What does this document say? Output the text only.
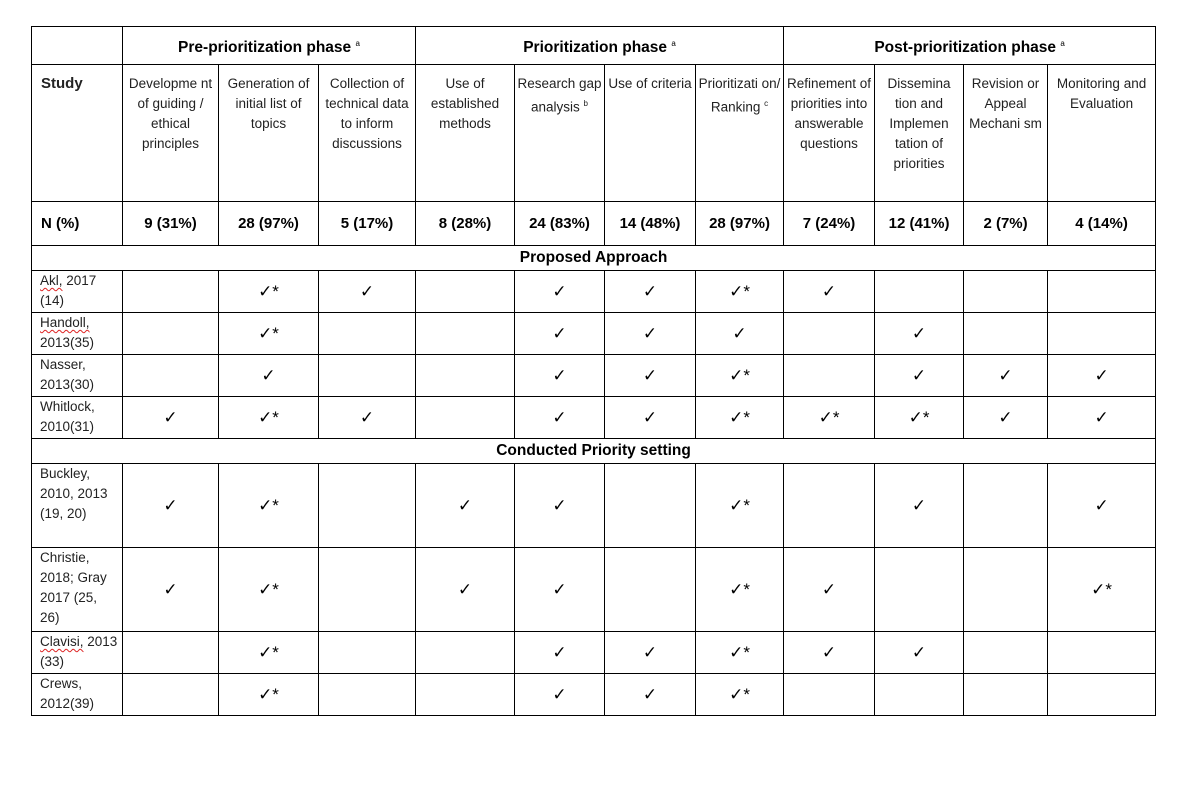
	Pre-prioritization phase $^a$			Prioritization phase $^a$				Post-prioritization phase $^a$
Study	Developme nt of guiding / ethical principles	Generation of initial list of topics	Collection of technical data to inform discussions	Use of established methods	Research gap analysis $^b$	Use of criteria	Prioritizati on/ Ranking $^c$	Refinement of priorities into answerable questions	Dissemina tion and Implemen tation of priorities	Revision or Appeal Mechani sm	Monitoring and Evaluation
N (%)	9 (31%)	28 (97%)	5 (17%)	8 (28%)	24 (83%)	14 (48%)	28 (97%)	7 (24%)	12 (41%)	2 (7%)	4 (14%)
Proposed Approach											
Akl, 2017 (14)		✓*	✓		✓	✓	✓*	✓			
Handoll, 2013(35)		✓*			✓	✓	✓		✓		
Nasser, 2013(30)		✓			✓	✓	✓*		✓	✓	✓
Whitlock, 2010(31)	✓	✓*	✓		✓	✓	✓*	✓*	✓*	✓	✓
Conducted Priority setting											
Buckley, 2010, 2013 (19, 20)	✓	✓*		✓	✓		✓*		✓		✓
Christie, 2018; Gray 2017 (25, 26)	✓	✓*		✓	✓		✓*	✓			✓*
Clavisi, 2013 (33)		✓*			✓	✓	✓*	✓	✓		
Crews, 2012(39)		✓*			✓	✓	✓*				
